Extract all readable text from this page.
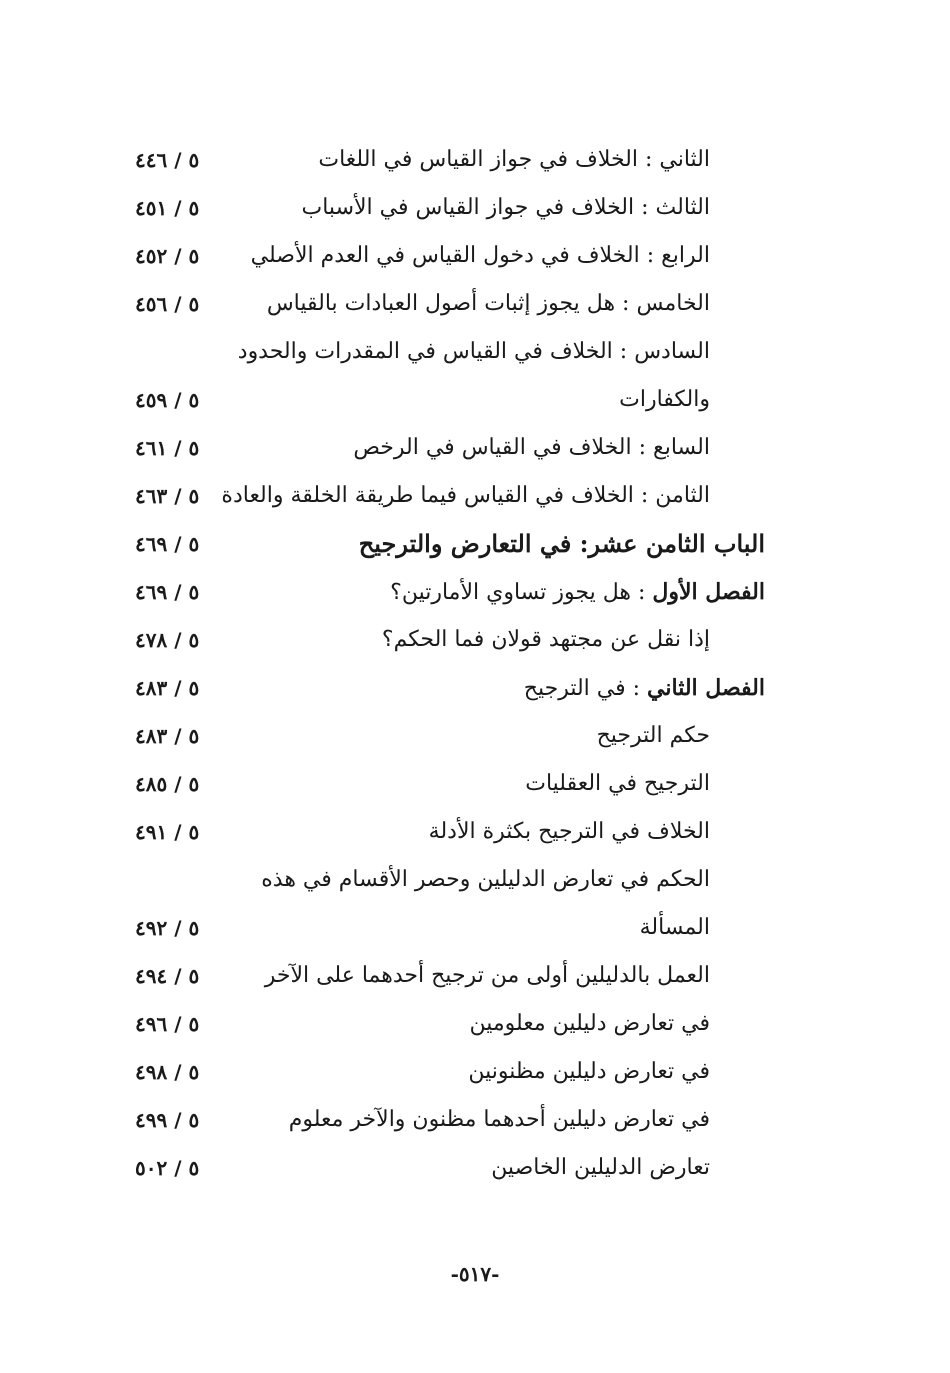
الثاني : الخلاف في جواز القياس في اللغات
٥ / ٤٤٦
الثالث : الخلاف في جواز القياس في الأسباب
٥ / ٤٥١
الرابع : الخلاف في دخول القياس في العدم الأصلي
٥ / ٤٥٢
الخامس : هل يجوز إثبات أصول العبادات بالقياس
٥ / ٤٥٦
السادس : الخلاف في القياس في المقدرات والحدود
والكفارات
٥ / ٤٥٩
السابع : الخلاف في القياس في الرخص
٥ / ٤٦١
الثامن : الخلاف في القياس فيما طريقة الخلقة والعادة
٥ / ٤٦٣
الباب الثامن عشر: في التعارض والترجيح
٥ / ٤٦٩
الفصل الأول : هل يجوز تساوي الأمارتين؟
٥ / ٤٦٩
إذا نقل عن مجتهد قولان فما الحكم؟
٥ / ٤٧٨
الفصل الثاني : في الترجيح
٥ / ٤٨٣
حكم الترجيح
٥ / ٤٨٣
الترجيح في العقليات
٥ / ٤٨٥
الخلاف في الترجيح بكثرة الأدلة
٥ / ٤٩١
الحكم في تعارض الدليلين وحصر الأقسام في هذه
المسألة
٥ / ٤٩٢
العمل بالدليلين أولى من ترجيح أحدهما على الآخر
٥ / ٤٩٤
في تعارض دليلين معلومين
٥ / ٤٩٦
في تعارض دليلين مظنونين
٥ / ٤٩٨
في تعارض دليلين أحدهما مظنون والآخر معلوم
٥ / ٤٩٩
تعارض الدليلين الخاصين
٥ / ٥٠٢
-٥١٧-
